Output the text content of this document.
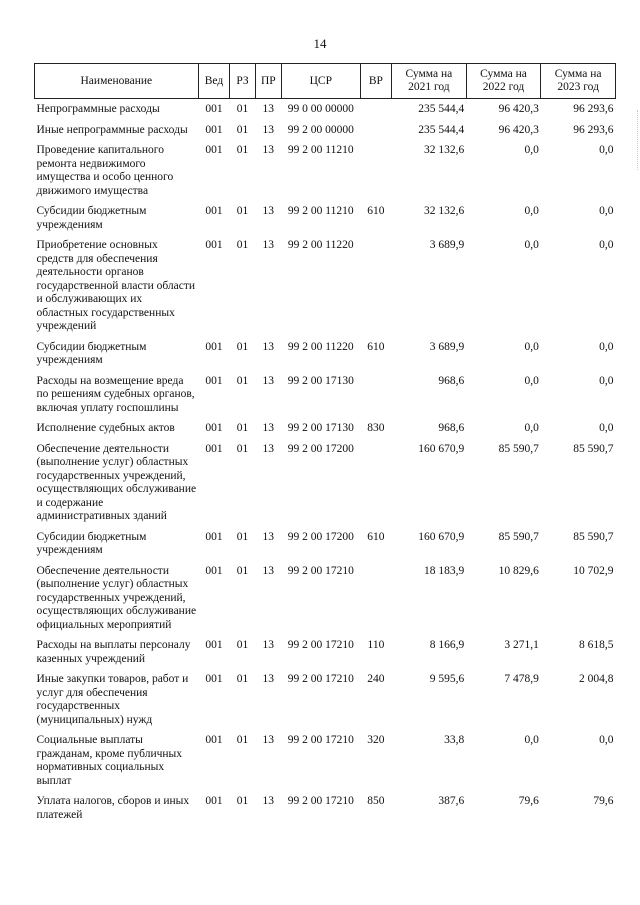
14
Наименование	Вед	РЗ	ПР	ЦСР	ВР	Сумма на 2021 год	Сумма на 2022 год	Сумма на 2023 год
Непрограммные расходы	001	01	13	99 0 00 00000		235 544,4	96 420,3	96 293,6
Иные непрограммные расходы	001	01	13	99 2 00 00000		235 544,4	96 420,3	96 293,6
Проведение капитального ремонта недвижимого имущества и особо ценного движимого имущества	001	01	13	99 2 00 11210		32 132,6	0,0	0,0
Субсидии бюджетным учреждениям	001	01	13	99 2 00 11210	610	32 132,6	0,0	0,0
Приобретение основных средств для обеспечения деятельности органов государственной власти области и обслуживающих их областных государственных учреждений	001	01	13	99 2 00 11220		3 689,9	0,0	0,0
Субсидии бюджетным учреждениям	001	01	13	99 2 00 11220	610	3 689,9	0,0	0,0
Расходы на возмещение вреда по решениям судебных органов, включая уплату госпошлины	001	01	13	99 2 00 17130		968,6	0,0	0,0
Исполнение судебных актов	001	01	13	99 2 00 17130	830	968,6	0,0	0,0
Обеспечение деятельности (выполнение услуг) областных государственных учреждений, осуществляющих обслуживание и содержание административных зданий	001	01	13	99 2 00 17200		160 670,9	85 590,7	85 590,7
Субсидии бюджетным учреждениям	001	01	13	99 2 00 17200	610	160 670,9	85 590,7	85 590,7
Обеспечение деятельности (выполнение услуг) областных государственных учреждений, осуществляющих обслуживание официальных мероприятий	001	01	13	99 2 00 17210		18 183,9	10 829,6	10 702,9
Расходы на выплаты персоналу казенных учреждений	001	01	13	99 2 00 17210	110	8 166,9	3 271,1	8 618,5
Иные закупки товаров, работ и услуг для обеспечения государственных (муниципальных) нужд	001	01	13	99 2 00 17210	240	9 595,6	7 478,9	2 004,8
Социальные выплаты гражданам, кроме публичных нормативных социальных выплат	001	01	13	99 2 00 17210	320	33,8	0,0	0,0
Уплата налогов, сборов и иных платежей	001	01	13	99 2 00 17210	850	387,6	79,6	79,6
